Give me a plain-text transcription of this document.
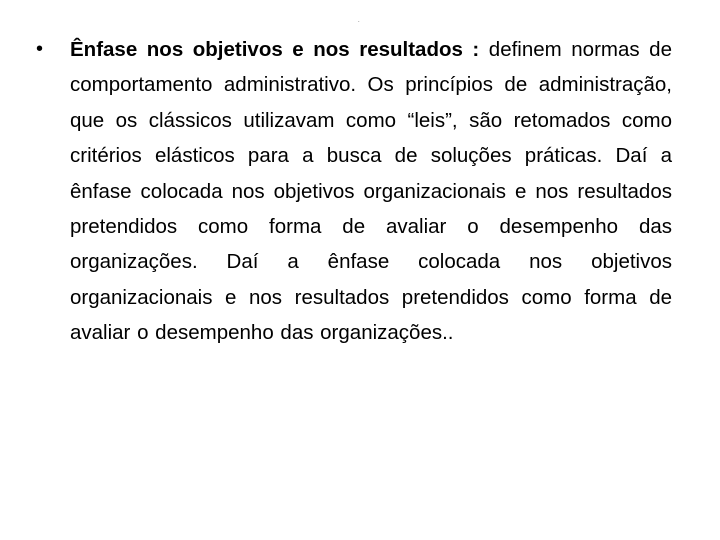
.
• Ênfase nos objetivos e nos resultados : definem normas de comportamento administrativo. Os princípios de administração, que os clássicos utilizavam como “leis”, são retomados como critérios elásticos para a busca de soluções práticas. Daí a ênfase colocada nos objetivos organizacionais e nos resultados pretendidos como forma de avaliar o desempenho das organizações. Daí a ênfase colocada nos objetivos organizacionais e nos resultados pretendidos como forma de avaliar o desempenho das organizações..
